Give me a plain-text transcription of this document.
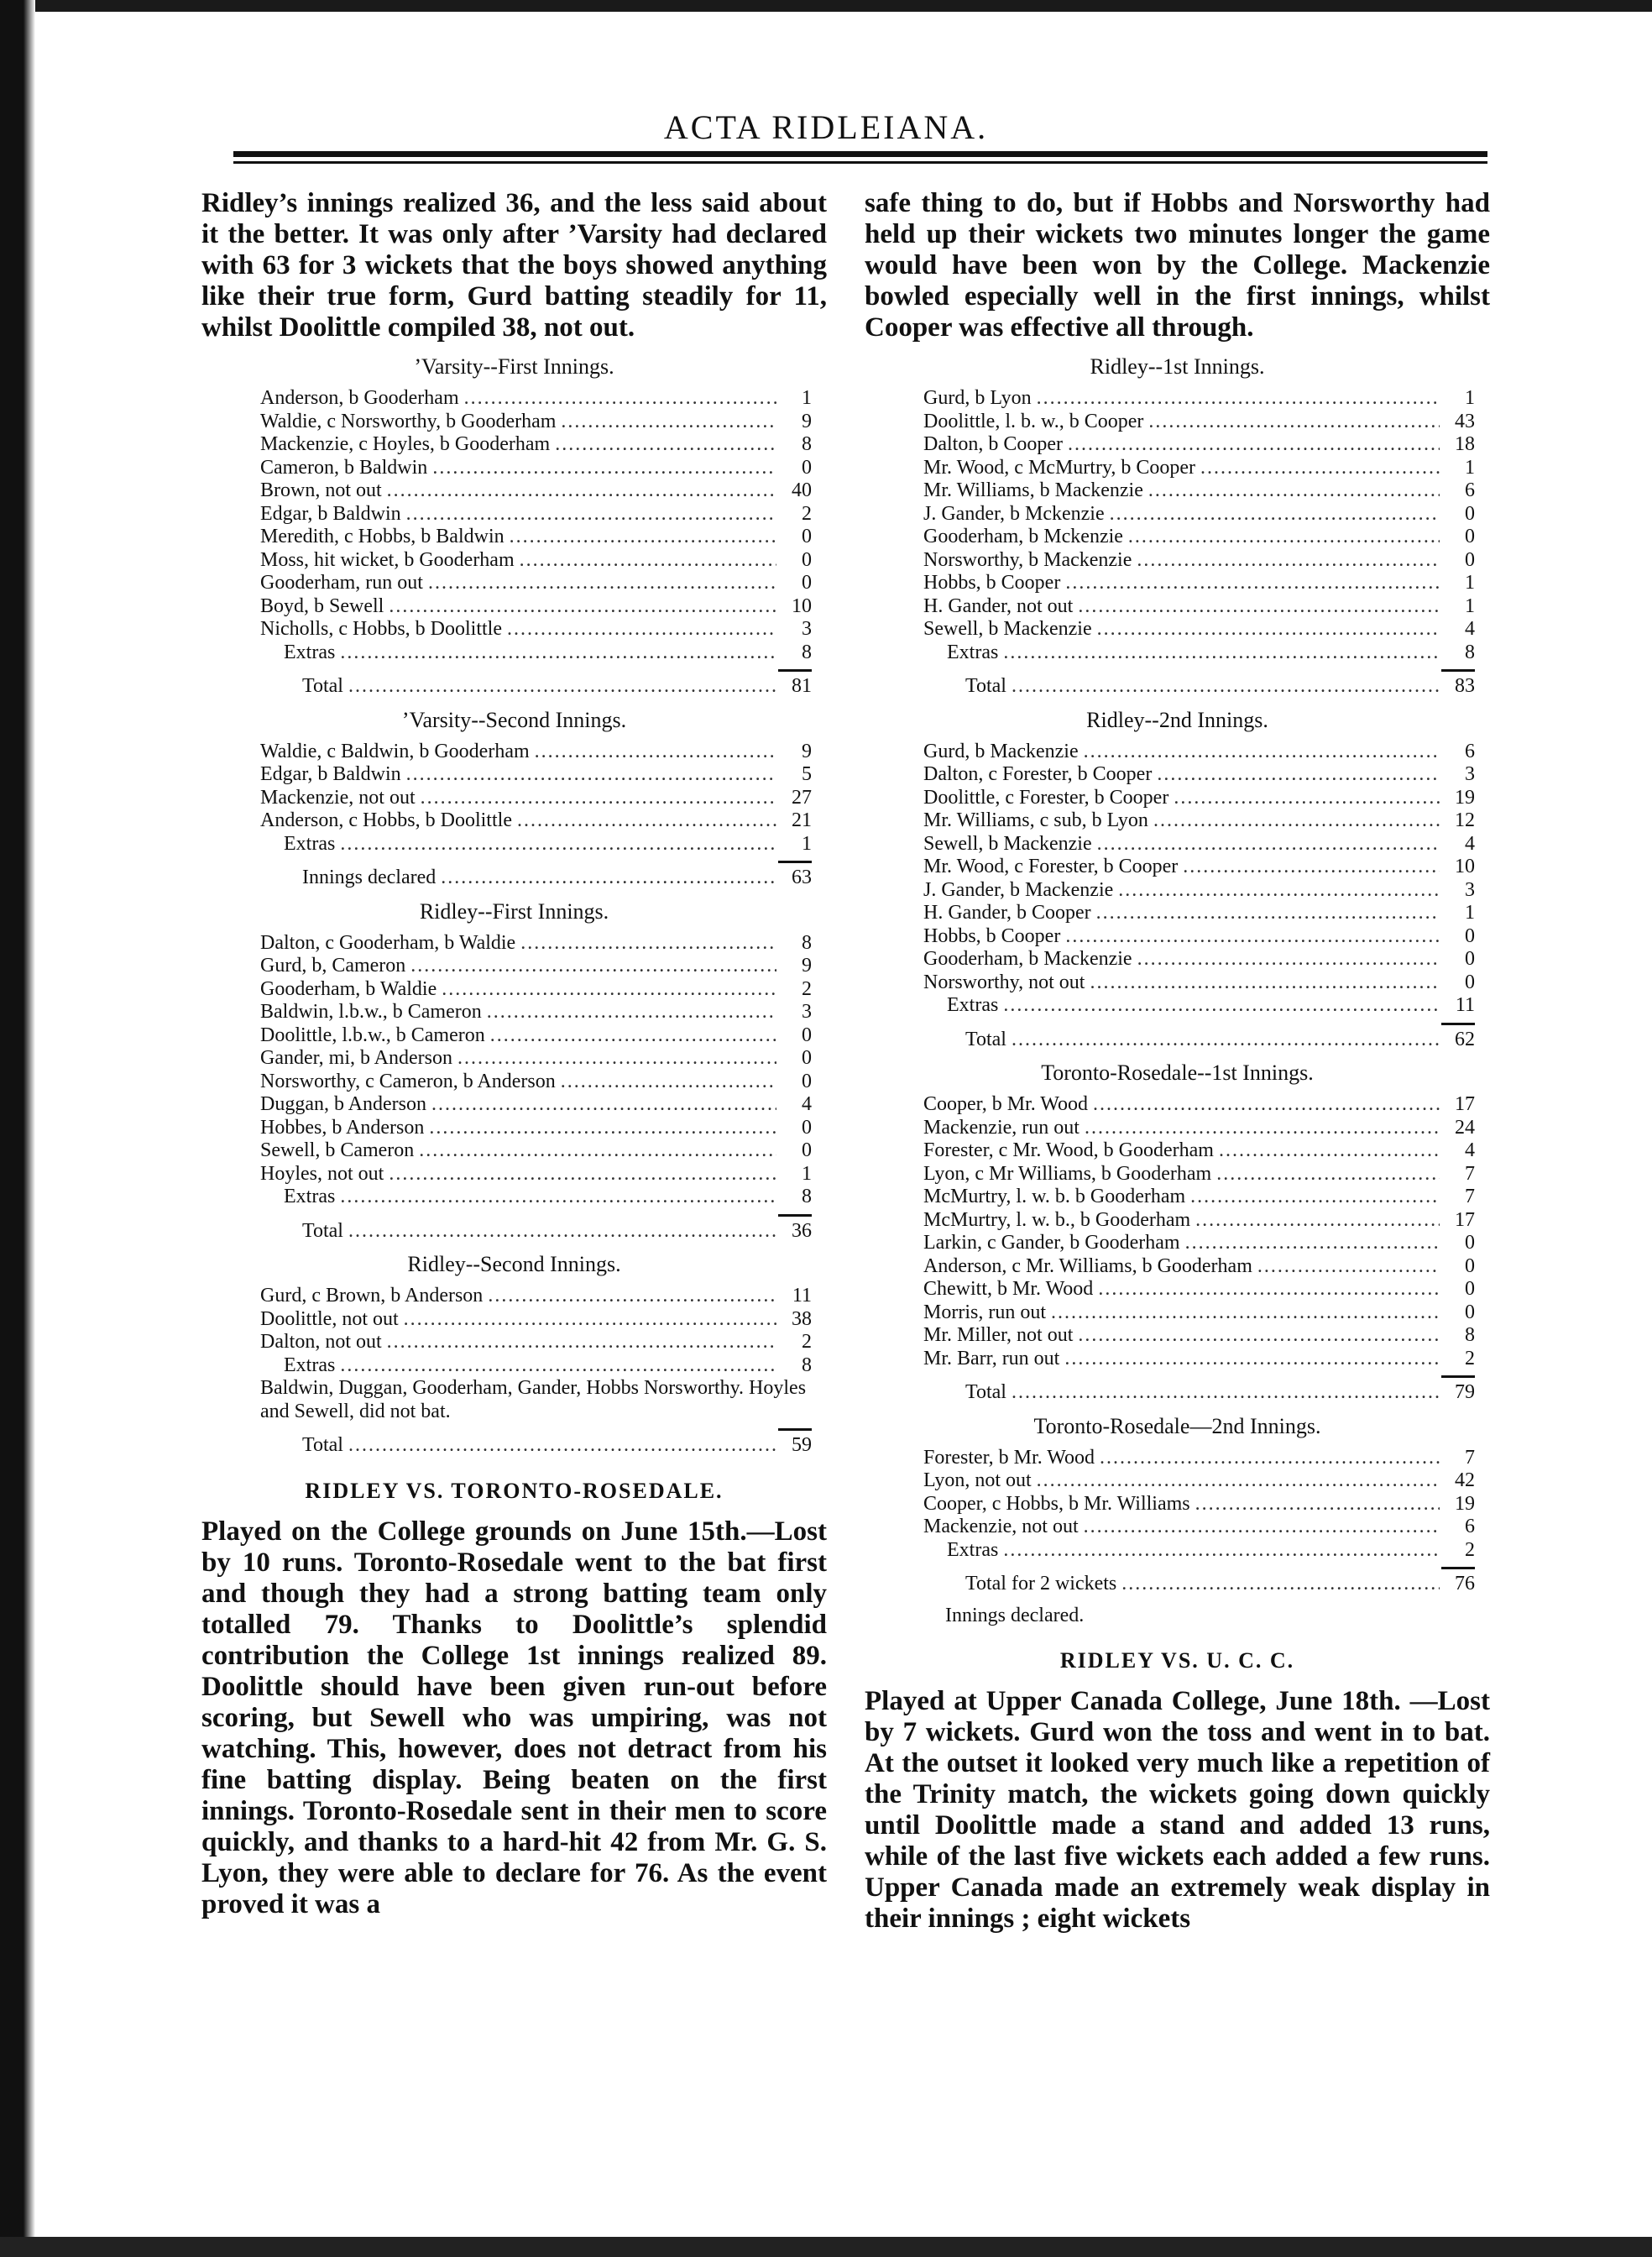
ACTA RIDLEIANA.

Ridley’s innings realized 36, and the less said about it the better. It was only after ’Varsity had declared with 63 for 3 wickets that the boys showed anything like their true form, Gurd batting steadily for 11, whilst Doolittle compiled 38, not out.

’Varsity--First Innings.
Anderson, b Gooderham .....	1
Waldie, c Norsworthy, b Gooderham .....	9
Mackenzie, c Hoyles, b Gooderham .....	8
Cameron, b Baldwin .....	0
Brown, not out .....	40
Edgar, b Baldwin .....	2
Meredith, c Hobbs, b Baldwin .....	0
Moss, hit wicket, b Gooderham .....	0
Gooderham, run out .....	0
Boyd, b Sewell .....	10
Nicholls, c Hobbs, b Doolittle .....	3
Extras .....	8
Total .....	81
’Varsity--Second Innings.
Waldie, c Baldwin, b Gooderham .....	9
Edgar, b Baldwin .....	5
Mackenzie, not out .....	27
Anderson, c Hobbs, b Doolittle .....	21
Extras .....	1
Innings declared .....	63
Ridley--First Innings.
Dalton, c Gooderham, b Waldie .....	8
Gurd, b, Cameron .....	9
Gooderham, b Waldie .....	2
Baldwin, l.b.w., b Cameron .....	3
Doolittle, l.b.w., b Cameron .....	0
Gander, mi, b Anderson .....	0
Norsworthy, c Cameron, b Anderson .....	0
Duggan, b Anderson .....	4
Hobbes, b Anderson .....	0
Sewell, b Cameron .....	0
Hoyles, not out .....	1
Extras .....	8
Total .....	36
Ridley--Second Innings.
Gurd, c Brown, b Anderson .....	11
Doolittle, not out .....	38
Dalton, not out .....	2
Extras .....	8
Baldwin, Duggan, Gooderham, Gander, Hobbs Norsworthy. Hoyles and Sewell, did not bat.
Total .....	59
RIDLEY VS. TORONTO-ROSEDALE.

Played on the College grounds on June 15th.—Lost by 10 runs. Toronto-Rosedale went to the bat first and though they had a strong batting team only totalled 79. Thanks to Doolittle’s splendid contribution the College 1st innings realized 89. Doolittle should have been given run-out before scoring, but Sewell who was umpiring, was not watching. This, however, does not detract from his fine batting display. Being beaten on the first innings. Toronto-Rosedale sent in their men to score quickly, and thanks to a hard-hit 42 from Mr. G. S. Lyon, they were able to declare for 76. As the event proved it was a

safe thing to do, but if Hobbs and Norsworthy had held up their wickets two minutes longer the game would have been won by the College. Mackenzie bowled especially well in the first innings, whilst Cooper was effective all through.

Ridley--1st Innings.
Gurd, b Lyon .....	1
Doolittle, l. b. w., b Cooper .....	43
Dalton, b Cooper .....	18
Mr. Wood, c McMurtry, b Cooper .....	1
Mr. Williams, b Mackenzie .....	6
J. Gander, b Mckenzie .....	0
Gooderham, b Mckenzie .....	0
Norsworthy, b Mackenzie .....	0
Hobbs, b Cooper .....	1
H. Gander, not out .....	1
Sewell, b Mackenzie .....	4
Extras .....	8
Total .....	83
Ridley--2nd Innings.
Gurd, b Mackenzie .....	6
Dalton, c Forester, b Cooper .....	3
Doolittle, c Forester, b Cooper .....	19
Mr. Williams, c sub, b Lyon .....	12
Sewell, b Mackenzie .....	4
Mr. Wood, c Forester, b Cooper .....	10
J. Gander, b Mackenzie .....	3
H. Gander, b Cooper .....	1
Hobbs, b Cooper .....	0
Gooderham, b Mackenzie .....	0
Norsworthy, not out .....	0
Extras .....	11
Total .....	62
Toronto-Rosedale--1st Innings.
Cooper, b Mr. Wood .....	17
Mackenzie, run out .....	24
Forester, c Mr. Wood, b Gooderham .....	4
Lyon, c Mr Williams, b Gooderham .....	7
McMurtry, l. w. b. b Gooderham .....	7
McMurtry, l. w. b., b Gooderham .....	17
Larkin, c Gander, b Gooderham .....	0
Anderson, c Mr. Williams, b Gooderham .....	0
Chewitt, b Mr. Wood .....	0
Morris, run out .....	0
Mr. Miller, not out .....	8
Mr. Barr, run out .....	2
Total .....	79
Toronto-Rosedale—2nd Innings.
Forester, b Mr. Wood .....	7
Lyon, not out .....	42
Cooper, c Hobbs, b Mr. Williams .....	19
Mackenzie, not out .....	6
Extras .....	2
Total for 2 wickets .....	76
Innings declared.
RIDLEY VS. U. C. C.

Played at Upper Canada College, June 18th. —Lost by 7 wickets. Gurd won the toss and went in to bat. At the outset it looked very much like a repetition of the Trinity match, the wickets going down quickly until Doolittle made a stand and added 13 runs, while of the last five wickets each added a few runs. Upper Canada made an extremely weak display in their innings ; eight wickets
